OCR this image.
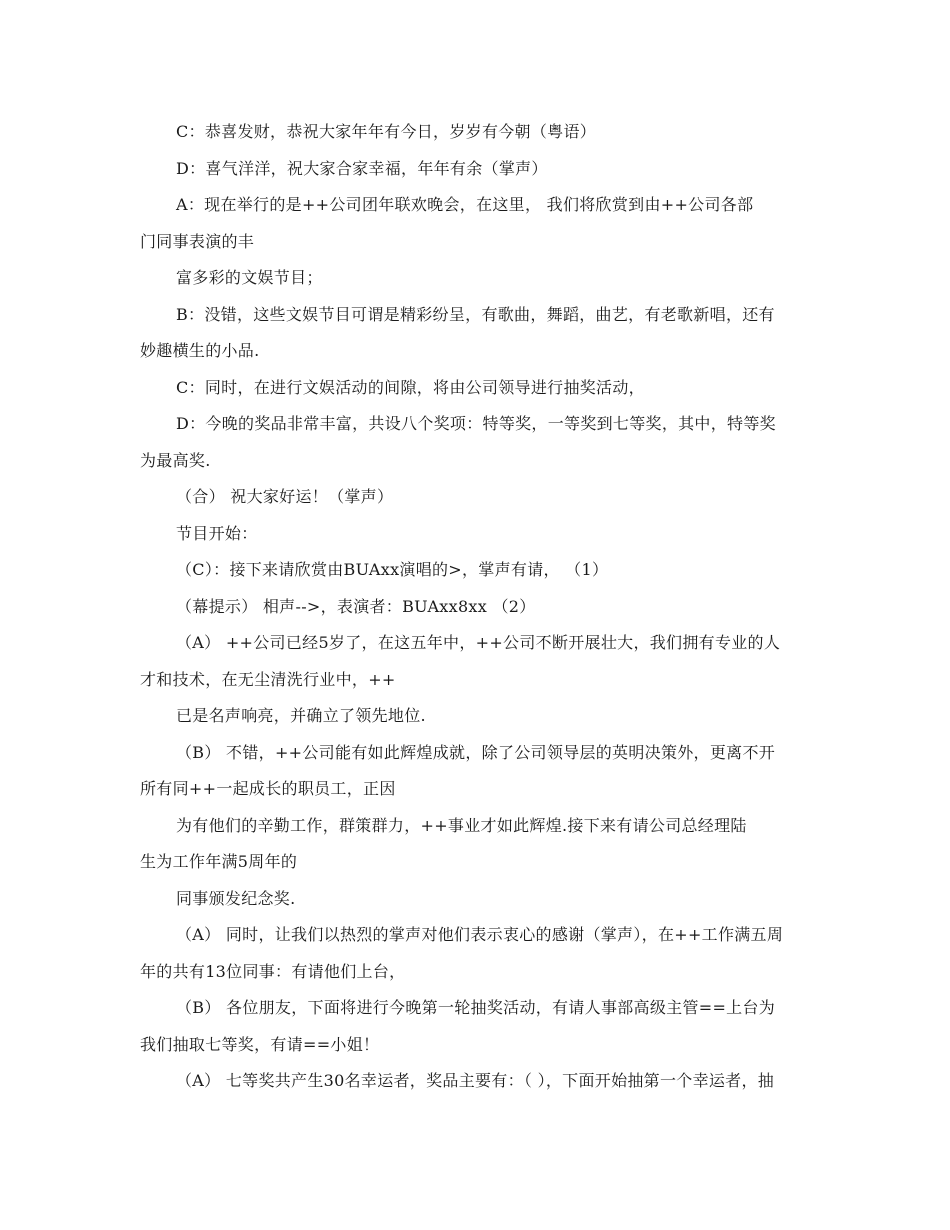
C：恭喜发财，恭祝大家年年有今日，岁岁有今朝（粤语）
D：喜气洋洋，祝大家合家幸福，年年有余（掌声）
A：现在举行的是++公司团年联欢晚会，在这里， 我们将欣赏到由++公司各部
门同事表演的丰
富多彩的文娱节目；
B：没错，这些文娱节目可谓是精彩纷呈，有歌曲，舞蹈，曲艺，有老歌新唱，还有
妙趣横生的小品.
C：同时，在进行文娱活动的间隙，将由公司领导进行抽奖活动，
D：今晚的奖品非常丰富，共设八个奖项：特等奖，一等奖到七等奖，其中，特等奖
为最高奖.
（合） 祝大家好运！（掌声）
节目开始：
（C）：接下来请欣赏由BUAxx演唱的>，掌声有请， （1）
（幕提示） 相声-->，表演者：BUAxx8xx （2）
（A） ++公司已经5岁了，在这五年中，++公司不断开展壮大，我们拥有专业的人
才和技术，在无尘清洗行业中，++
已是名声响亮，并确立了领先地位.
（B） 不错，++公司能有如此辉煌成就，除了公司领导层的英明决策外，更离不开
所有同++一起成长的职员工，正因
为有他们的辛勤工作，群策群力，++事业才如此辉煌.接下来有请公司总经理陆
生为工作年满5周年的
同事颁发纪念奖.
（A） 同时，让我们以热烈的掌声对他们表示衷心的感谢（掌声），在++工作满五周
年的共有13位同事：有请他们上台，
（B） 各位朋友，下面将进行今晚第一轮抽奖活动，有请人事部高级主管==上台为
我们抽取七等奖，有请==小姐！
（A） 七等奖共产生30名幸运者，奖品主要有：（ ），下面开始抽第一个幸运者，抽
